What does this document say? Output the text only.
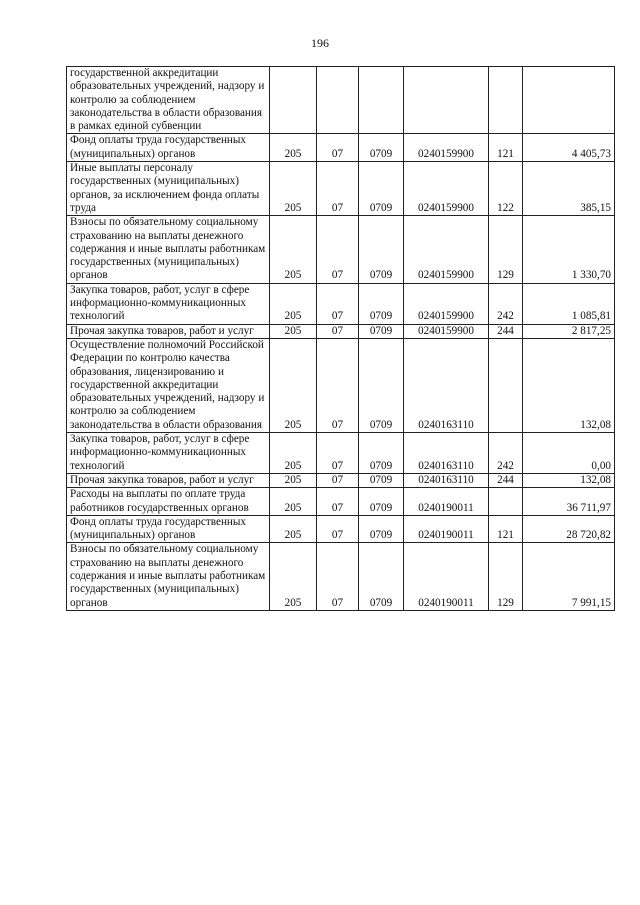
196
государственной аккредитации образовательных учреждений, надзору и контролю за соблюдением законодательства в области образования в рамках единой субвенции						
Фонд оплаты труда государственных (муниципальных) органов	205	07	0709	0240159900	121	4 405,73
Иные выплаты персоналу государственных (муниципальных) органов, за исключением фонда оплаты труда	205	07	0709	0240159900	122	385,15
Взносы по обязательному социальному страхованию на выплаты денежного содержания и иные выплаты работникам государственных (муниципальных) органов	205	07	0709	0240159900	129	1 330,70
Закупка товаров, работ, услуг в сфере информационно-коммуникационных технологий	205	07	0709	0240159900	242	1 085,81
Прочая закупка товаров, работ и услуг	205	07	0709	0240159900	244	2 817,25
Осуществление полномочий Российской Федерации по контролю качества образования, лицензированию и государственной аккредитации образовательных учреждений, надзору и контролю за соблюдением законодательства в области образования	205	07	0709	0240163110		132,08
Закупка товаров, работ, услуг в сфере информационно-коммуникационных технологий	205	07	0709	0240163110	242	0,00
Прочая закупка товаров, работ и услуг	205	07	0709	0240163110	244	132,08
Расходы на выплаты по оплате труда работников государственных органов	205	07	0709	0240190011		36 711,97
Фонд оплаты труда государственных (муниципальных) органов	205	07	0709	0240190011	121	28 720,82
Взносы по обязательному социальному страхованию на выплаты денежного содержания и иные выплаты работникам государственных (муниципальных) органов	205	07	0709	0240190011	129	7 991,15
